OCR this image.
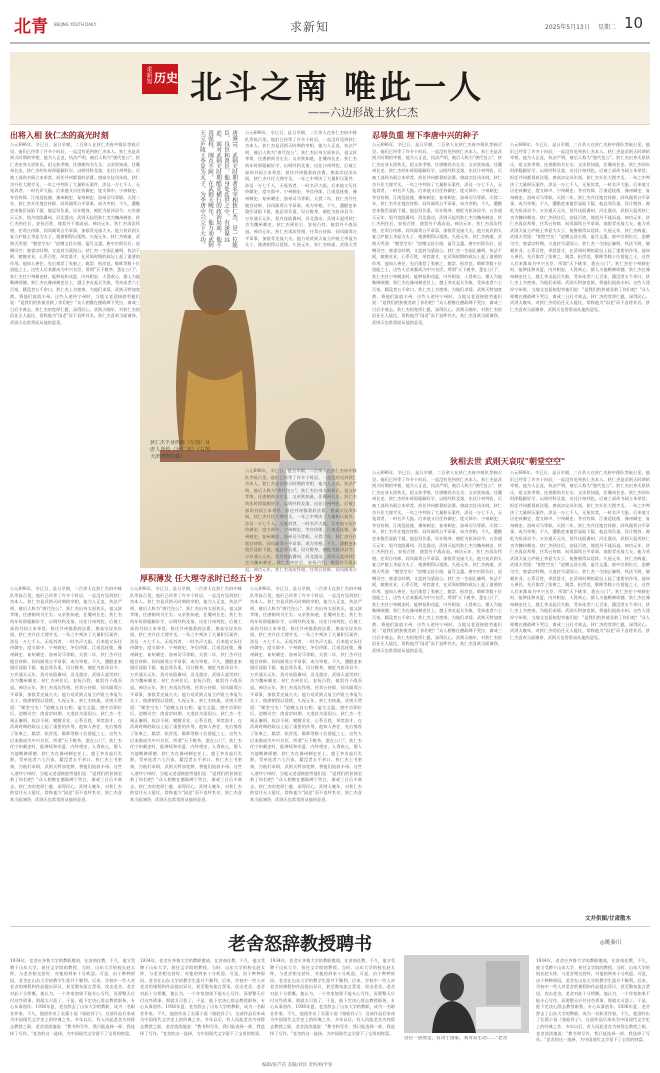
北青 BEIJING YOUTH DAILY	求新知	2025年5月13日 星期二 10
求新知 历史 北斗之南 唯此一人
——六边形战士狄仁杰
出将入相 狄仁杰的高光时刻
公元696年，辛巳日，是日早朝，二百余人在狄仁杰府中排队等候召见。他们已经等了许多个时辰，一直没有见到狄仁杰本人。狄仁杰是武则天时期的宰相，他为人正直，执法严明，被后人称为"唐代包公"。狄仁杰出身太原狄氏，祖父狄孝绪，任唐朝尚书左丞；父亲狄知逊，任夔州长史。狄仁杰幼年时即聪颖好学，以明经科及第，出任汴州判佐。后被工部尚书阎立本举荐，担任并州都督府法曹。唐高宗仪凤年间，狄仁杰升任大理寺丞，一年之中判决了大量积压案件，涉及一万七千人，无冤诉者，一时名声大振。后来他又历任侍御史、度支郎中、宁州刺史、冬官侍郎、江南巡抚使、豫州刺史、复州刺史、洛州司马等职。天授二年，狄仁杰升任地官侍郎、同凤阁鸾台平章事，成为宰相。不久，遭酷吏来俊臣诬陷下狱，他忍辱负重，设计脱身，被贬为彭泽县令。万岁通天元年，契丹攻陷冀州，河北震动，武则天起用狄仁杰为魏州刺史。狄仁杰到任后，安抚百姓，使契丹不战而退。神功元年，狄仁杰再次拜相，任鸾台侍郎、同凤阁鸾台平章事，加银青光禄大夫。他力劝武则天复立庐陵王李显为太子，使唐朝得以延续。久视元年，狄仁杰病逝，武则天哭道："朝堂空矣！"追赠文昌右相，谥号文惠。唐中宗即位后，追赠司空；唐睿宗时期，又追封为梁国公。狄仁杰一生刚正廉明，执法不阿，兢兢业业，心系百姓，举荐贤才，在武周时期的政坛上起了重要的作用。他知人善任，先后推荐了张柬之、姚崇、桓彦范、敬晖等数十位贤能之士，这些人后来都成为中兴名臣，所谓"天下桃李，悉在公门"。狄仁杰任宁州刺史时，能够抚和戎夏，内外相安，人得欢心，郡人为他勒碑颂德。狄仁杰在豫州刺史任上，越王李贞起兵失败，受牵连者六七百家，籍没者五千余口。狄仁杰上书密奏，为他们求情，武则天特加宽赦，将他们流放丰州。这些人途经宁州时，当地父老迎接慰劳他们说："是我们的狄使君救了你们吧？"众人相携在德政碑下哭泣，斋戒三日后才离去。狄仁杰的宽厚仁慈，深得民心。武则天晚年，对狄仁杰的信任无人能比，常称他为"国老"而不直呼其名。狄仁杰喜欢当面谏诤，武则天也常常屈从他的意见。
唐睿宗、武则天时期著名宰相狄仁杰，是一位能臣、良臣和贤臣。他身处乱世之中，有深谋远虑，面对武则天时期酷吏横行的政治局面，他不畏强权，刚直不阿。在武则天晚年，他力劝武则天立庐陵王李显为太子，为李唐中兴立下大功。
狄仁杰半身画像（左图）及唐人所绘《狄仁杰》（右图天津博物馆藏）
公元696年，辛巳日，是日早朝，二百余人在狄仁杰府中排队等候召见。他们已经等了许多个时辰，一直没有见到狄仁杰本人。狄仁杰是武则天时期的宰相，他为人正直，执法严明，被后人称为"唐代包公"。狄仁杰出身太原狄氏，祖父狄孝绪，任唐朝尚书左丞；父亲狄知逊，任夔州长史。狄仁杰幼年时即聪颖好学，以明经科及第，出任汴州判佐。后被工部尚书阎立本举荐，担任并州都督府法曹。唐高宗仪凤年间，狄仁杰升任大理寺丞，一年之中判决了大量积压案件，涉及一万七千人，无冤诉者，一时名声大振。后来他又历任侍御史、度支郎中、宁州刺史、冬官侍郎、江南巡抚使、豫州刺史、复州刺史、洛州司马等职。天授二年，狄仁杰升任地官侍郎、同凤阁鸾台平章事，成为宰相。不久，遭酷吏来俊臣诬陷下狱，他忍辱负重，设计脱身，被贬为彭泽县令。万岁通天元年，契丹攻陷冀州，河北震动，武则天起用狄仁杰为魏州刺史。狄仁杰到任后，安抚百姓，使契丹不战而退。神功元年，狄仁杰再次拜相，任鸾台侍郎、同凤阁鸾台平章事，加银青光禄大夫。他力劝武则天复立庐陵王李显为太子，使唐朝得以延续。久视元年，狄仁杰病逝，武则天哭
公元696年，辛巳日，是日早朝，二百余人在狄仁杰府中排队等候召见。他们已经等了许多个时辰，一直没有见到狄仁杰本人。狄仁杰是武则天时期的宰相，他为人正直，执法严明，被后人称为"唐代包公"。狄仁杰出身太原狄氏，祖父狄孝绪，任唐朝尚书左丞；父亲狄知逊，任夔州长史。狄仁杰幼年时即聪颖好学，以明经科及第，出任汴州判佐。后被工部尚书阎立本举荐，担任并州都督府法曹。唐高宗仪凤年间，狄仁杰升任大理寺丞，一年之中判决了大量积压案件，涉及一万七千人，无冤诉者，一时名声大振。后来他又历任侍御史、度支郎中、宁州刺史、冬官侍郎、江南巡抚使、豫州刺史、复州刺史、洛州司马等职。天授二年，狄仁杰升任地官侍郎、同凤阁鸾台平章事，成为宰相。不久，遭酷吏来俊臣诬陷下狱，他忍辱负重，设计脱身，被贬为彭泽县令。万岁通天元年，契丹攻陷冀州，河北震动，武则天起用狄仁杰为魏州刺史。狄仁杰到任后，安抚百姓，使契丹不战而退。神功元年，狄仁杰再次拜相，任鸾台侍郎、同凤阁鸾台
忍辱负重 埋下李唐中兴的种子
公元696年，辛巳日，是日早朝，二百余人在狄仁杰府中排队等候召见。他们已经等了许多个时辰，一直没有见到狄仁杰本人。狄仁杰是武则天时期的宰相，他为人正直，执法严明，被后人称为"唐代包公"。狄仁杰出身太原狄氏，祖父狄孝绪，任唐朝尚书左丞；父亲狄知逊，任夔州长史。狄仁杰幼年时即聪颖好学，以明经科及第，出任汴州判佐。后被工部尚书阎立本举荐，担任并州都督府法曹。唐高宗仪凤年间，狄仁杰升任大理寺丞，一年之中判决了大量积压案件，涉及一万七千人，无冤诉者，一时名声大振。后来他又历任侍御史、度支郎中、宁州刺史、冬官侍郎、江南巡抚使、豫州刺史、复州刺史、洛州司马等职。天授二年，狄仁杰升任地官侍郎、同凤阁鸾台平章事，成为宰相。不久，遭酷吏来俊臣诬陷下狱，他忍辱负重，设计脱身，被贬为彭泽县令。万岁通天元年，契丹攻陷冀州，河北震动，武则天起用狄仁杰为魏州刺史。狄仁杰到任后，安抚百姓，使契丹不战而退。神功元年，狄仁杰再次拜相，任鸾台侍郎、同凤阁鸾台平章事，加银青光禄大夫。他力劝武则天复立庐陵王李显为太子，使唐朝得以延续。久视元年，狄仁杰病逝，武则天哭道："朝堂空矣！"追赠文昌右相，谥号文惠。唐中宗即位后，追赠司空；唐睿宗时期，又追封为梁国公。狄仁杰一生刚正廉明，执法不阿，兢兢业业，心系百姓，举荐贤才，在武周时期的政坛上起了重要的作用。他知人善任，先后推荐了张柬之、姚崇、桓彦范、敬晖等数十位贤能之士，这些人后来都成为中兴名臣，所谓"天下桃李，悉在公门"。狄仁杰任宁州刺史时，能够抚和戎夏，内外相安，人得欢心，郡人为他勒碑颂德。狄仁杰在豫州刺史任上，越王李贞起兵失败，受牵连者六七百家，籍没者五千余口。狄仁杰上书密奏，为他们求情，武则天特加宽赦，将他们流放丰州。这些人途经宁州时，当地父老迎接慰劳他们说："是我们的狄使君救了你们吧？"众人相携在德政碑下哭泣，斋戒三日后才离去。狄仁杰的宽厚仁慈，深得民心。武则天晚年，对狄仁杰的信任无人能比，常称他为"国老"而不直呼其名。狄仁杰喜欢当面谏诤，武则天也常常屈从他的意见。
公元696年，辛巳日，是日早朝，二百余人在狄仁杰府中排队等候召见。他们已经等了许多个时辰，一直没有见到狄仁杰本人。狄仁杰是武则天时期的宰相，他为人正直，执法严明，被后人称为"唐代包公"。狄仁杰出身太原狄氏，祖父狄孝绪，任唐朝尚书左丞；父亲狄知逊，任夔州长史。狄仁杰幼年时即聪颖好学，以明经科及第，出任汴州判佐。后被工部尚书阎立本举荐，担任并州都督府法曹。唐高宗仪凤年间，狄仁杰升任大理寺丞，一年之中判决了大量积压案件，涉及一万七千人，无冤诉者，一时名声大振。后来他又历任侍御史、度支郎中、宁州刺史、冬官侍郎、江南巡抚使、豫州刺史、复州刺史、洛州司马等职。天授二年，狄仁杰升任地官侍郎、同凤阁鸾台平章事，成为宰相。不久，遭酷吏来俊臣诬陷下狱，他忍辱负重，设计脱身，被贬为彭泽县令。万岁通天元年，契丹攻陷冀州，河北震动，武则天起用狄仁杰为魏州刺史。狄仁杰到任后，安抚百姓，使契丹不战而退。神功元年，狄仁杰再次拜相，任鸾台侍郎、同凤阁鸾台平章事，加银青光禄大夫。他力劝武则天复立庐陵王李显为太子，使唐朝得以延续。久视元年，狄仁杰病逝，武则天哭道："朝堂空矣！"追赠文昌右相，谥号文惠。唐中宗即位后，追赠司空；唐睿宗时期，又追封为梁国公。狄仁杰一生刚正廉明，执法不阿，兢兢业业，心系百姓，举荐贤才，在武周时期的政坛上起了重要的作用。他知人善任，先后推荐了张柬之、姚崇、桓彦范、敬晖等数十位贤能之士，这些人后来都成为中兴名臣，所谓"天下桃李，悉在公门"。狄仁杰任宁州刺史时，能够抚和戎夏，内外相安，人得欢心，郡人为他勒碑颂德。狄仁杰在豫州刺史任上，越王李贞起兵失败，受牵连者六七百家，籍没者五千余口。狄仁杰上书密奏，为他们求情，武则天特加宽赦，将他们流放丰州。这些人途经宁州时，当地父老迎接慰劳他们说："是我们的狄使君救了你们吧？"众人相携在德政碑下哭泣，斋戒三日后才离去。狄仁杰的宽厚仁慈，深得民心。武则天晚年，对狄仁杰的信任无人能比，常称他为"国老"而不直呼其名。狄仁杰喜欢当面谏诤，武则天也常常屈从他的意见。
狄相去世 武则天哀叹"朝堂空空"
公元696年，辛巳日，是日早朝，二百余人在狄仁杰府中排队等候召见。他们已经等了许多个时辰，一直没有见到狄仁杰本人。狄仁杰是武则天时期的宰相，他为人正直，执法严明，被后人称为"唐代包公"。狄仁杰出身太原狄氏，祖父狄孝绪，任唐朝尚书左丞；父亲狄知逊，任夔州长史。狄仁杰幼年时即聪颖好学，以明经科及第，出任汴州判佐。后被工部尚书阎立本举荐，担任并州都督府法曹。唐高宗仪凤年间，狄仁杰升任大理寺丞，一年之中判决了大量积压案件，涉及一万七千人，无冤诉者，一时名声大振。后来他又历任侍御史、度支郎中、宁州刺史、冬官侍郎、江南巡抚使、豫州刺史、复州刺史、洛州司马等职。天授二年，狄仁杰升任地官侍郎、同凤阁鸾台平章事，成为宰相。不久，遭酷吏来俊臣诬陷下狱，他忍辱负重，设计脱身，被贬为彭泽县令。万岁通天元年，契丹攻陷冀州，河北震动，武则天起用狄仁杰为魏州刺史。狄仁杰到任后，安抚百姓，使契丹不战而退。神功元年，狄仁杰再次拜相，任鸾台侍郎、同凤阁鸾台平章事，加银青光禄大夫。他力劝武则天复立庐陵王李显为太子，使唐朝得以延续。久视元年，狄仁杰病逝，武则天哭道："朝堂空矣！"追赠文昌右相，谥号文惠。唐中宗即位后，追赠司空；唐睿宗时期，又追封为梁国公。狄仁杰一生刚正廉明，执法不阿，兢兢业业，心系百姓，举荐贤才，在武周时期的政坛上起了重要的作用。他知人善任，先后推荐了张柬之、姚崇、桓彦范、敬晖等数十位贤能之士，这些人后来都成为中兴名臣，所谓"天下桃李，悉在公门"。狄仁杰任宁州刺史时，能够抚和戎夏，内外相安，人得欢心，郡人为他勒碑颂德。狄仁杰在豫州刺史任上，越王李贞起兵失败，受牵连者六七百家，籍没者五千余口。狄仁杰上书密奏，为他们求情，武则天特加宽赦，将他们流放丰州。这些人途经宁州时，当地父老迎接慰劳他们说："是我们的狄使君救了你们吧？"众人相携在德政碑下哭泣，斋戒三日后才离去。狄仁杰的宽厚仁慈，深得民心。武则天晚年，对狄仁杰的信任无人能比，常称他为"国老"而不直呼其名。狄仁杰喜欢当面谏诤，武则天也常常屈从他的意见。
公元696年，辛巳日，是日早朝，二百余人在狄仁杰府中排队等候召见。他们已经等了许多个时辰，一直没有见到狄仁杰本人。狄仁杰是武则天时期的宰相，他为人正直，执法严明，被后人称为"唐代包公"。狄仁杰出身太原狄氏，祖父狄孝绪，任唐朝尚书左丞；父亲狄知逊，任夔州长史。狄仁杰幼年时即聪颖好学，以明经科及第，出任汴州判佐。后被工部尚书阎立本举荐，担任并州都督府法曹。唐高宗仪凤年间，狄仁杰升任大理寺丞，一年之中判决了大量积压案件，涉及一万七千人，无冤诉者，一时名声大振。后来他又历任侍御史、度支郎中、宁州刺史、冬官侍郎、江南巡抚使、豫州刺史、复州刺史、洛州司马等职。天授二年，狄仁杰升任地官侍郎、同凤阁鸾台平章事，成为宰相。不久，遭酷吏来俊臣诬陷下狱，他忍辱负重，设计脱身，被贬为彭泽县令。万岁通天元年，契丹攻陷冀州，河北震动，武则天起用狄仁杰为魏州刺史。狄仁杰到任后，安抚百姓，使契丹不战而退。神功元年，狄仁杰再次拜相，任鸾台侍郎、同凤阁鸾台平章事，加银青光禄大夫。他力劝武则天复立庐陵王李显为太子，使唐朝得以延续。久视元年，狄仁杰病逝，武则天哭道："朝堂空矣！"追赠文昌右相，谥号文惠。唐中宗即位后，追赠司空；唐睿宗时期，又追封为梁国公。狄仁杰一生刚正廉明，执法不阿，兢兢业业，心系百姓，举荐贤才，在武周时期的政坛上起了重要的作用。他知人善任，先后推荐了张柬之、姚崇、桓彦范、敬晖等数十位贤能之士，这些人后来都成为中兴名臣，所谓"天下桃李，悉在公门"。狄仁杰任宁州刺史时，能够抚和戎夏，内外相安，人得欢心，郡人为他勒碑颂德。狄仁杰在豫州刺史任上，越王李贞起兵失败，受牵连者六七百家，籍没者五千余口。狄仁杰上书密奏，为他们求情，武则天特加宽赦，将他们流放丰州。这些人途经宁州时，当地父老迎接慰劳他们说："是我们的狄使君救了你们吧？"众人相携在德政碑下哭泣，斋戒三日后才离去。狄仁杰的宽厚仁慈，深得民心。武则天晚年，对狄仁杰的信任无人能比，常称他为"国老"而不直呼其名。狄仁杰喜欢当面谏诤，武则天也常常屈从他的意见。
文并供图/甘肃散木
厚积薄发 任大理寺丞时已经五十岁
公元696年，辛巳日，是日早朝，二百余人在狄仁杰府中排队等候召见。他们已经等了许多个时辰，一直没有见到狄仁杰本人。狄仁杰是武则天时期的宰相，他为人正直，执法严明，被后人称为"唐代包公"。狄仁杰出身太原狄氏，祖父狄孝绪，任唐朝尚书左丞；父亲狄知逊，任夔州长史。狄仁杰幼年时即聪颖好学，以明经科及第，出任汴州判佐。后被工部尚书阎立本举荐，担任并州都督府法曹。唐高宗仪凤年间，狄仁杰升任大理寺丞，一年之中判决了大量积压案件，涉及一万七千人，无冤诉者，一时名声大振。后来他又历任侍御史、度支郎中、宁州刺史、冬官侍郎、江南巡抚使、豫州刺史、复州刺史、洛州司马等职。天授二年，狄仁杰升任地官侍郎、同凤阁鸾台平章事，成为宰相。不久，遭酷吏来俊臣诬陷下狱，他忍辱负重，设计脱身，被贬为彭泽县令。万岁通天元年，契丹攻陷冀州，河北震动，武则天起用狄仁杰为魏州刺史。狄仁杰到任后，安抚百姓，使契丹不战而退。神功元年，狄仁杰再次拜相，任鸾台侍郎、同凤阁鸾台平章事，加银青光禄大夫。他力劝武则天复立庐陵王李显为太子，使唐朝得以延续。久视元年，狄仁杰病逝，武则天哭道："朝堂空矣！"追赠文昌右相，谥号文惠。唐中宗即位后，追赠司空；唐睿宗时期，又追封为梁国公。狄仁杰一生刚正廉明，执法不阿，兢兢业业，心系百姓，举荐贤才，在武周时期的政坛上起了重要的作用。他知人善任，先后推荐了张柬之、姚崇、桓彦范、敬晖等数十位贤能之士，这些人后来都成为中兴名臣，所谓"天下桃李，悉在公门"。狄仁杰任宁州刺史时，能够抚和戎夏，内外相安，人得欢心，郡人为他勒碑颂德。狄仁杰在豫州刺史任上，越王李贞起兵失败，受牵连者六七百家，籍没者五千余口。狄仁杰上书密奏，为他们求情，武则天特加宽赦，将他们流放丰州。这些人途经宁州时，当地父老迎接慰劳他们说："是我们的狄使君救了你们吧？"众人相携在德政碑下哭泣，斋戒三日后才离去。狄仁杰的宽厚仁慈，深得民心。武则天晚年，对狄仁杰的信任无人能比，常称他为"国老"而不直呼其名。狄仁杰喜欢当面谏诤，武则天也常常屈从他的意见。
公元696年，辛巳日，是日早朝，二百余人在狄仁杰府中排队等候召见。他们已经等了许多个时辰，一直没有见到狄仁杰本人。狄仁杰是武则天时期的宰相，他为人正直，执法严明，被后人称为"唐代包公"。狄仁杰出身太原狄氏，祖父狄孝绪，任唐朝尚书左丞；父亲狄知逊，任夔州长史。狄仁杰幼年时即聪颖好学，以明经科及第，出任汴州判佐。后被工部尚书阎立本举荐，担任并州都督府法曹。唐高宗仪凤年间，狄仁杰升任大理寺丞，一年之中判决了大量积压案件，涉及一万七千人，无冤诉者，一时名声大振。后来他又历任侍御史、度支郎中、宁州刺史、冬官侍郎、江南巡抚使、豫州刺史、复州刺史、洛州司马等职。天授二年，狄仁杰升任地官侍郎、同凤阁鸾台平章事，成为宰相。不久，遭酷吏来俊臣诬陷下狱，他忍辱负重，设计脱身，被贬为彭泽县令。万岁通天元年，契丹攻陷冀州，河北震动，武则天起用狄仁杰为魏州刺史。狄仁杰到任后，安抚百姓，使契丹不战而退。神功元年，狄仁杰再次拜相，任鸾台侍郎、同凤阁鸾台平章事，加银青光禄大夫。他力劝武则天复立庐陵王李显为太子，使唐朝得以延续。久视元年，狄仁杰病逝，武则天哭道："朝堂空矣！"追赠文昌右相，谥号文惠。唐中宗即位后，追赠司空；唐睿宗时期，又追封为梁国公。狄仁杰一生刚正廉明，执法不阿，兢兢业业，心系百姓，举荐贤才，在武周时期的政坛上起了重要的作用。他知人善任，先后推荐了张柬之、姚崇、桓彦范、敬晖等数十位贤能之士，这些人后来都成为中兴名臣，所谓"天下桃李，悉在公门"。狄仁杰任宁州刺史时，能够抚和戎夏，内外相安，人得欢心，郡人为他勒碑颂德。狄仁杰在豫州刺史任上，越王李贞起兵失败，受牵连者六七百家，籍没者五千余口。狄仁杰上书密奏，为他们求情，武则天特加宽赦，将他们流放丰州。这些人途经宁州时，当地父老迎接慰劳他们说："是我们的狄使君救了你们吧？"众人相携在德政碑下哭泣，斋戒三日后才离去。狄仁杰的宽厚仁慈，深得民心。武则天晚年，对狄仁杰的信任无人能比，常称他为"国老"而不直呼其名。狄仁杰喜欢当面谏诤，武则天也常常屈从他的意见。
公元696年，辛巳日，是日早朝，二百余人在狄仁杰府中排队等候召见。他们已经等了许多个时辰，一直没有见到狄仁杰本人。狄仁杰是武则天时期的宰相，他为人正直，执法严明，被后人称为"唐代包公"。狄仁杰出身太原狄氏，祖父狄孝绪，任唐朝尚书左丞；父亲狄知逊，任夔州长史。狄仁杰幼年时即聪颖好学，以明经科及第，出任汴州判佐。后被工部尚书阎立本举荐，担任并州都督府法曹。唐高宗仪凤年间，狄仁杰升任大理寺丞，一年之中判决了大量积压案件，涉及一万七千人，无冤诉者，一时名声大振。后来他又历任侍御史、度支郎中、宁州刺史、冬官侍郎、江南巡抚使、豫州刺史、复州刺史、洛州司马等职。天授二年，狄仁杰升任地官侍郎、同凤阁鸾台平章事，成为宰相。不久，遭酷吏来俊臣诬陷下狱，他忍辱负重，设计脱身，被贬为彭泽县令。万岁通天元年，契丹攻陷冀州，河北震动，武则天起用狄仁杰为魏州刺史。狄仁杰到任后，安抚百姓，使契丹不战而退。神功元年，狄仁杰再次拜相，任鸾台侍郎、同凤阁鸾台平章事，加银青光禄大夫。他力劝武则天复立庐陵王李显为太子，使唐朝得以延续。久视元年，狄仁杰病逝，武则天哭道："朝堂空矣！"追赠文昌右相，谥号文惠。唐中宗即位后，追赠司空；唐睿宗时期，又追封为梁国公。狄仁杰一生刚正廉明，执法不阿，兢兢业业，心系百姓，举荐贤才，在武周时期的政坛上起了重要的作用。他知人善任，先后推荐了张柬之、姚崇、桓彦范、敬晖等数十位贤能之士，这些人后来都成为中兴名臣，所谓"天下桃李，悉在公门"。狄仁杰任宁州刺史时，能够抚和戎夏，内外相安，人得欢心，郡人为他勒碑颂德。狄仁杰在豫州刺史任上，越王李贞起兵失败，受牵连者六七百家，籍没者五千余口。狄仁杰上书密奏，为他们求情，武则天特加宽赦，将他们流放丰州。这些人途经宁州时，当地父老迎接慰劳他们说："是我们的狄使君救了你们吧？"众人相携在德政碑下哭泣，斋戒三日后才离去。狄仁杰的宽厚仁慈，深得民心。武则天晚年，对狄仁杰的信任无人能比，常称他为"国老"而不直呼其名。狄仁杰喜欢当面谏诤，武则天也常常屈从他的意见。
老舍怒辞教授聘书	◎姚秦川
1934年，老舍应齐鲁大学的教职邀请，在济南任教。不久，他又受聘于山东大学，担任文学院的教授。当时，山东大学的校长赵太侔，与老舍相交甚好，对他的到来十分欢迎。可是，由于种种原因，老舍在山东大学的教学生涯并不顺利。后来，学校中一些人对老舍的课程和作品提出异议，甚至散布流言蜚语，攻击老舍。老舍对此十分愤慨，他认为，一个作家如果不能专心写作，而要整天应付这些琐事，那就太可悲了。于是，他下定决心辞去教授职务，专心从事创作。1936年夏，老舍辞去了山东大学的教职，成为一名职业作家。不久，他创作出了长篇小说《骆驼祥子》，这部作品后来成为中国现代文学史上的经典之作。多年以后，有人问起老舍为何辞去教授之职，老舍淡淡地说："教书和写作，我只能选择一样，我选择了写作。"老舍的这一选择，为中国现代文学留下了宝贵的财富。
1934年，老舍应齐鲁大学的教职邀请，在济南任教。不久，他又受聘于山东大学，担任文学院的教授。当时，山东大学的校长赵太侔，与老舍相交甚好，对他的到来十分欢迎。可是，由于种种原因，老舍在山东大学的教学生涯并不顺利。后来，学校中一些人对老舍的课程和作品提出异议，甚至散布流言蜚语，攻击老舍。老舍对此十分愤慨，他认为，一个作家如果不能专心写作，而要整天应付这些琐事，那就太可悲了。于是，他下定决心辞去教授职务，专心从事创作。1936年夏，老舍辞去了山东大学的教职，成为一名职业作家。不久，他创作出了长篇小说《骆驼祥子》，这部作品后来成为中国现代文学史上的经典之作。多年以后，有人问起老舍为何辞去教授之职，老舍淡淡地说："教书和写作，我只能选择一样，我选择了写作。"老舍的这一选择，为中国现代文学留下了宝贵的财富。
1934年，老舍应齐鲁大学的教职邀请，在济南任教。不久，他又受聘于山东大学，担任文学院的教授。当时，山东大学的校长赵太侔，与老舍相交甚好，对他的到来十分欢迎。可是，由于种种原因，老舍在山东大学的教学生涯并不顺利。后来，学校中一些人对老舍的课程和作品提出异议，甚至散布流言蜚语，攻击老舍。老舍对此十分愤慨，他认为，一个作家如果不能专心写作，而要整天应付这些琐事，那就太可悲了。于是，他下定决心辞去教授职务，专心从事创作。1936年夏，老舍辞去了山东大学的教职，成为一名职业作家。不久，他创作出了长篇小说《骆驼祥子》，这部作品后来成为中国现代文学史上的经典之作。多年以后，有人问起老舍为何辞去教授之职，老舍淡淡地说："教书和写作，我只能选择一样，我选择了写作。"老舍的这一选择，为中国现代文学留下了宝贵的财富。
这位一居然是，有功于国家，我对其生动……"老舍
1934年，老舍应齐鲁大学的教职邀请，在济南任教。不久，他又受聘于山东大学，担任文学院的教授。当时，山东大学的校长赵太侔，与老舍相交甚好，对他的到来十分欢迎。可是，由于种种原因，老舍在山东大学的教学生涯并不顺利。后来，学校中一些人对老舍的课程和作品提出异议，甚至散布流言蜚语，攻击老舍。老舍对此十分愤慨，他认为，一个作家如果不能专心写作，而要整天应付这些琐事，那就太可悲了。于是，他下定决心辞去教授职务，专心从事创作。1936年夏，老舍辞去了山东大学的教职，成为一名职业作家。不久，他创作出了长篇小说《骆驼祥子》，这部作品后来成为中国现代文学史上的经典之作。多年以后，有人问起老舍为何辞去教授之职，老舍淡淡地说："教书和写作，我只能选择一样，我选择了写作。"老舍的这一选择，为中国现代文学留下了宝贵的财富。
编辑/张芦苗 美编/刘洋 责校/杨学春
